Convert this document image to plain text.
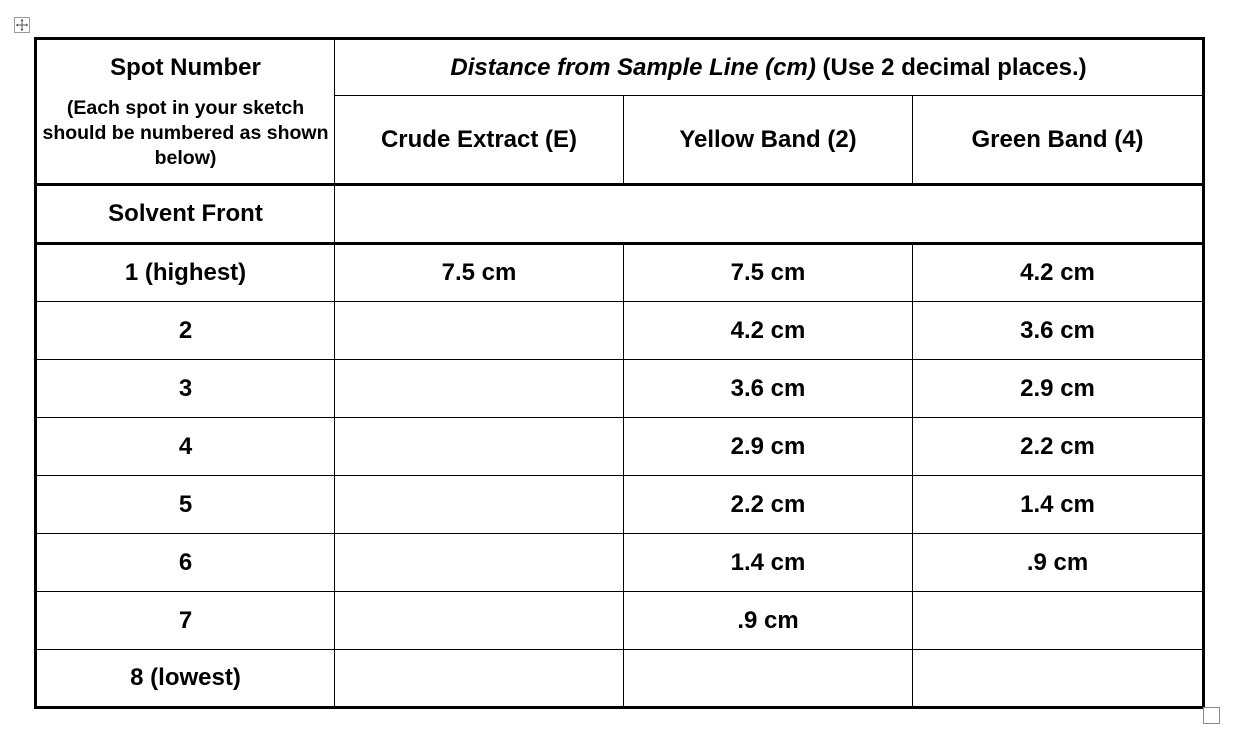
Spot Number
(Each spot in your sketch should be numbered as shown below)	Distance from Sample Line (cm) (Use 2 decimal places.)		
	Crude Extract (E)	Yellow Band (2)	Green Band (4)
Solvent Front			
1 (highest)	7.5 cm	7.5 cm	4.2 cm
2		4.2 cm	3.6 cm
3		3.6 cm	2.9 cm
4		2.9 cm	2.2 cm
5		2.2 cm	1.4 cm
6		1.4 cm	.9 cm
7		.9 cm	
8 (lowest)			
